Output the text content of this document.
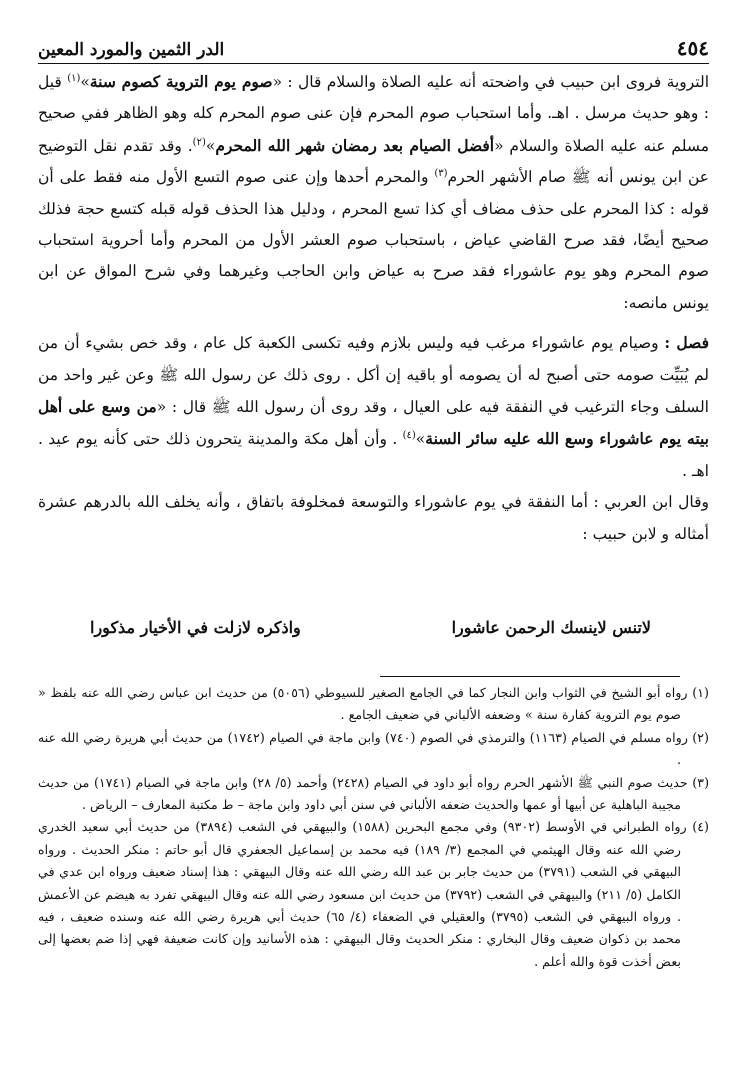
٤٥٤
الدر الثمين والمورد المعين

التروية فروى ابن حبيب في واضحته أنه عليه الصلاة والسلام قال : «صوم يوم التروية كصوم سنة»$^{(١)}$ قيل : وهو حديث مرسل . اهـ. وأما استحباب صوم المحرم فإن عنى صوم المحرم كله وهو الظاهر ففي صحيح مسلم عنه عليه الصلاة والسلام «أفضل الصيام بعد رمضان شهر الله المحرم»$^{(٢)}$. وقد تقدم نقل التوضيح عن ابن يونس أنه ﷺ صام الأشهر الحرم$^{(٣)}$ والمحرم أحدها وإن عنى صوم التسع الأول منه فقط على أن قوله : كذا المحرم على حذف مضاف أي كذا تسع المحرم ، ودليل هذا الحذف قوله قبله كتسع حجة فذلك صحيح أيضًا، فقد صرح القاضي عياض ، باستحباب صوم العشر الأول من المحرم وأما أحروية استحباب صوم المحرم وهو يوم عاشوراء فقد صرح به عياض وابن الحاجب وغيرهما وفي شرح المواق عن ابن يونس مانصه:

فصل : وصيام يوم عاشوراء مرغب فيه وليس بلازم وفيه تكسى الكعبة كل عام ، وقد خص بشيء أن من لم يُبَيِّت صومه حتى أصبح له أن يصومه أو باقيه إن أكل . روى ذلك عن رسول الله ﷺ وعن غير واحد من السلف وجاء الترغيب في النفقة فيه على العيال ، وقد روى أن رسول الله ﷺ قال : «من وسع على أهل بيته يوم عاشوراء وسع الله عليه سائر السنة»$^{(٤)}$ . وأن أهل مكة والمدينة يتحرون ذلك حتى كأنه يوم عيد . اهـ .

وقال ابن العربي : أما النفقة في يوم عاشوراء والتوسعة فمخلوفة باتفاق ، وأنه يخلف الله بالدرهم عشرة أمثاله و لابن حبيب :

لاتنس لاينسك الرحمن عاشورا
واذكره لازلت في الأخيار مذكورا

(١) رواه أبو الشيخ في الثواب وابن النجار كما في الجامع الصغير للسيوطي (٥٠٥٦) من حديث ابن عباس رضي الله عنه بلفظ « صوم يوم التروية كفارة سنة » وضعفه الألباني في ضعيف الجامع .

(٢) رواه مسلم في الصيام (١١٦٣) والترمذي في الصوم (٧٤٠) وابن ماجة في الصيام (١٧٤٢) من حديث أبي هريرة رضي الله عنه .

(٣) حديث صوم النبي ﷺ الأشهر الحرم رواه أبو داود في الصيام (٢٤٢٨) وأحمد (٥/ ٢٨) وابن ماجة في الصيام (١٧٤١) من حديث مجيبة الباهلية عن أبيها أو عمها والحديث ضعفه الألباني في سنن أبي داود وابن ماجة – ط مكتبة المعارف – الرياض .

(٤) رواه الطبراني في الأوسط (٩٣٠٢) وفي مجمع البحرين (١٥٨٨) والبيهقي في الشعب (٣٨٩٤) من حديث أبي سعيد الخدري رضي الله عنه وقال الهيثمي في المجمع (٣/ ١٨٩) فيه محمد بن إسماعيل الجعفري قال أبو حاتم : منكر الحديث . ورواه البيهقي في الشعب (٣٧٩١) من حديث جابر بن عبد الله رضي الله عنه وقال البيهقي : هذا إسناد ضعيف ورواه ابن عدي في الكامل (٥/ ٢١١) والبيهقي في الشعب (٣٧٩٢) من حديث ابن مسعود رضي الله عنه وقال البيهقي تفرد به هيضم عن الأعمش . ورواه البيهقي في الشعب (٣٧٩٥) والعقيلي في الضعفاء (٤/ ٦٥) حديث أبي هريرة رضي الله عنه وسنده ضعيف ، فيه محمد بن ذكوان ضعيف وقال البخاري : منكر الحديث وقال البيهقي : هذه الأسانيد وإن كانت ضعيفة فهي إذا ضم بعضها إلى بعض أخذت قوة والله أعلم .
